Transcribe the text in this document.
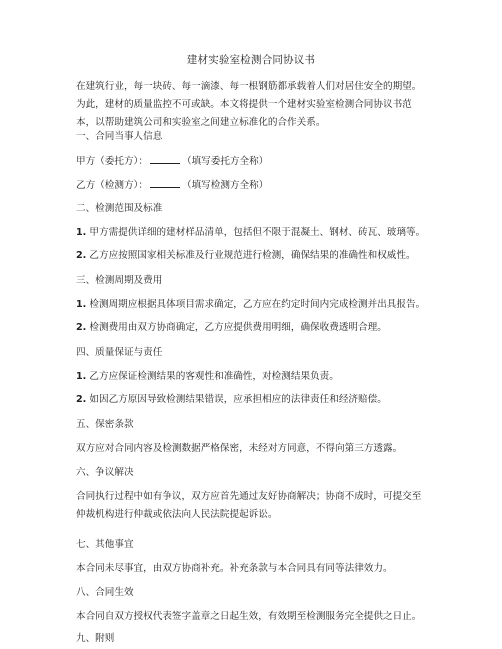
建材实验室检测合同协议书
在建筑行业，每一块砖、每一滴漆、每一根钢筋都承载着人们对居住安全的期望。为此，建材的质量监控不可或缺。本文将提供一个建材实验室检测合同协议书范本，以帮助建筑公司和实验室之间建立标准化的合作关系。
一、合同当事人信息
甲方（委托方）：	（填写委托方全称）
乙方（检测方）：	（填写检测方全称）
二、检测范围及标准
1. 甲方需提供详细的建材样品清单，包括但不限于混凝土、钢材、砖瓦、玻璃等。
2. 乙方应按照国家相关标准及行业规范进行检测，确保结果的准确性和权威性。
三、检测周期及费用
1. 检测周期应根据具体项目需求确定，乙方应在约定时间内完成检测并出具报告。
2. 检测费用由双方协商确定，乙方应提供费用明细，确保收费透明合理。
四、质量保证与责任
1. 乙方应保证检测结果的客观性和准确性，对检测结果负责。
2. 如因乙方原因导致检测结果错误，应承担相应的法律责任和经济赔偿。
五、保密条款
双方应对合同内容及检测数据严格保密，未经对方同意，不得向第三方透露。
六、争议解决
合同执行过程中如有争议，双方应首先通过友好协商解决；协商不成时，可提交至仲裁机构进行仲裁或依法向人民法院提起诉讼。
七、其他事宜
本合同未尽事宜，由双方协商补充。补充条款与本合同具有同等法律效力。
八、合同生效
本合同自双方授权代表签字盖章之日起生效，有效期至检测服务完全提供之日止。
九、附则
